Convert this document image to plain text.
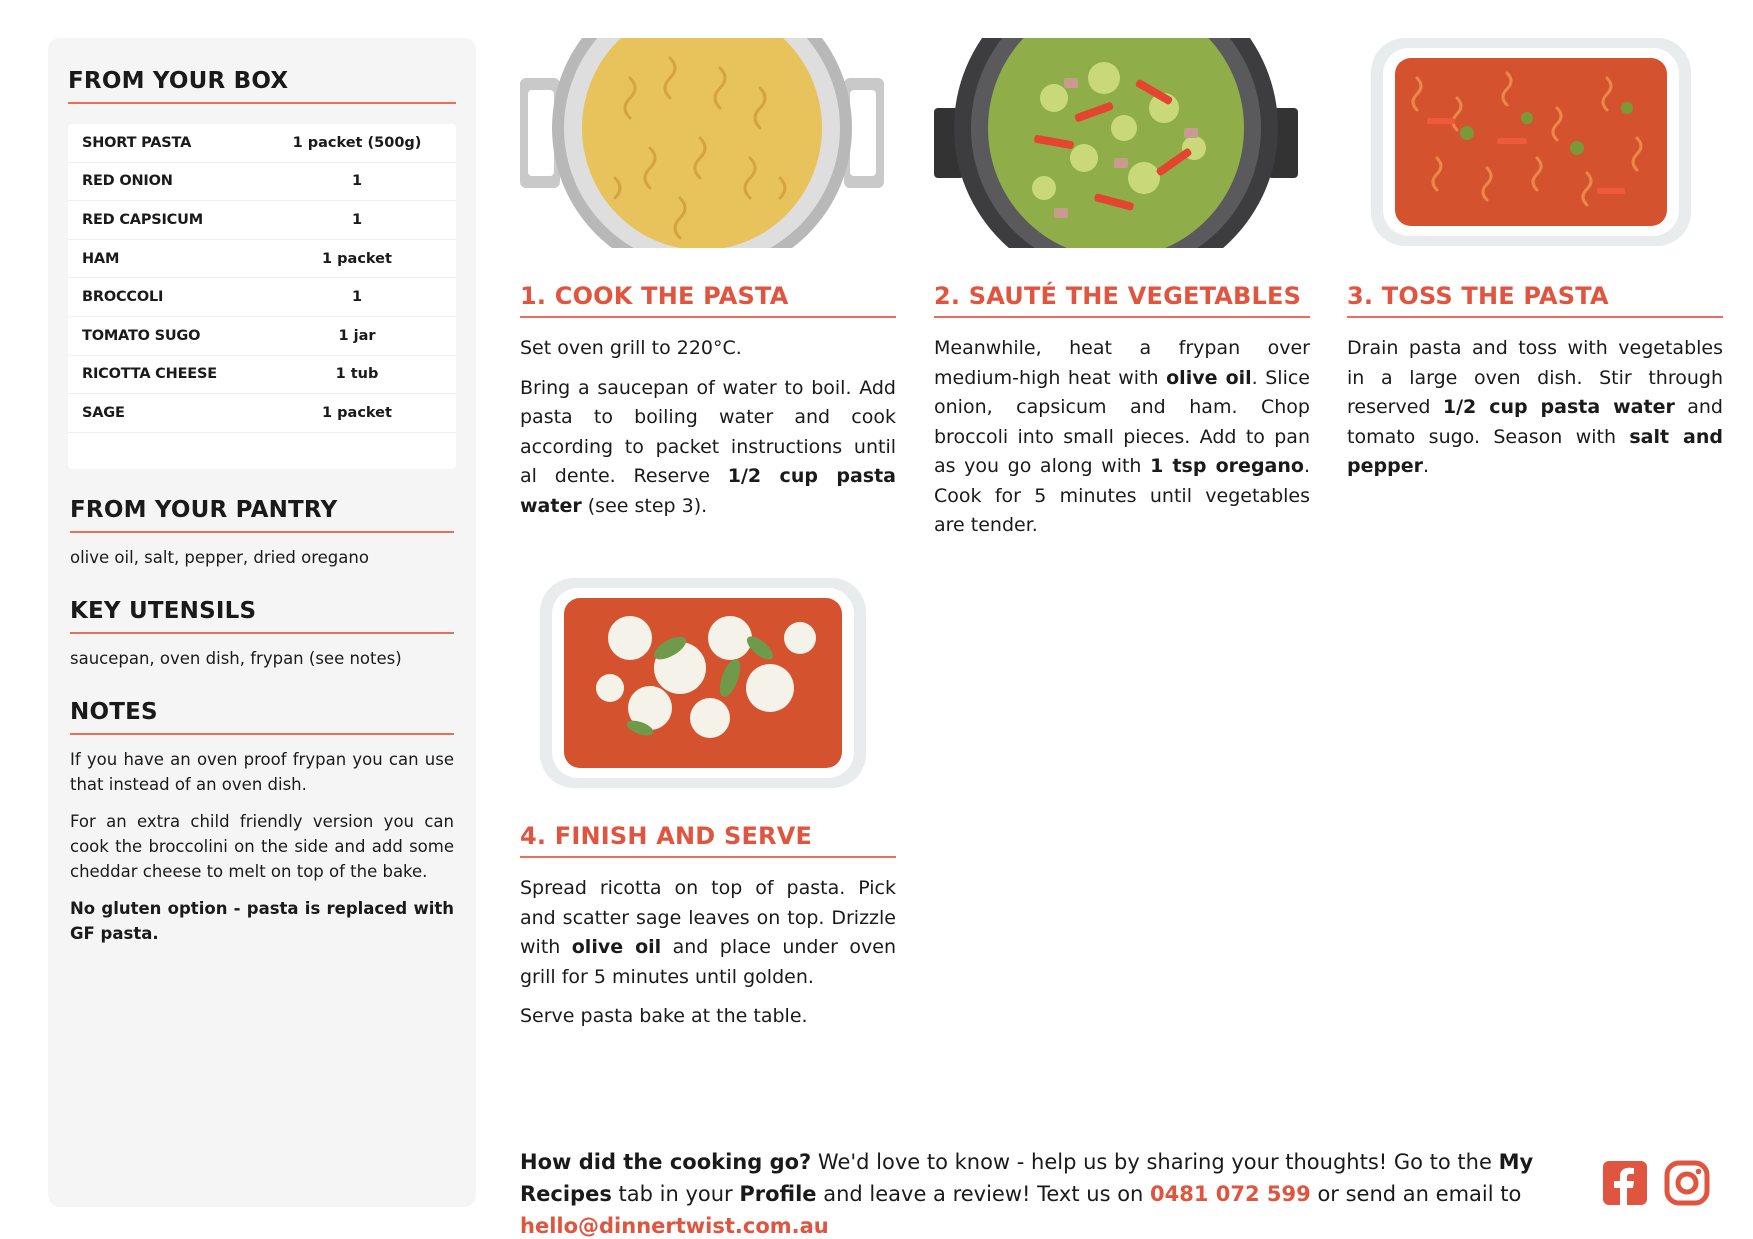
FROM YOUR BOX
SHORT PASTA	1 packet (500g)
RED ONION	1
RED CAPSICUM	1
HAM	1 packet
BROCCOLI	1
TOMATO SUGO	1 jar
RICOTTA CHEESE	1 tub
SAGE	1 packet
FROM YOUR PANTRY

olive oil, salt, pepper, dried oregano

KEY UTENSILS

saucepan, oven dish, frypan (see notes)

NOTES

If you have an oven proof frypan you can use that instead of an oven dish.

For an extra child friendly version you can cook the broccolini on the side and add some cheddar cheese to melt on top of the bake.

No gluten option - pasta is replaced with GF pasta.

1. COOK THE PASTA

Set oven grill to 220°C.

Bring a saucepan of water to boil. Add pasta to boiling water and cook according to packet instructions until al dente. Reserve 1/2 cup pasta water (see step 3).

2. SAUTÉ THE VEGETABLES

Meanwhile, heat a frypan over medium-high heat with olive oil. Slice onion, capsicum and ham. Chop broccoli into small pieces. Add to pan as you go along with 1 tsp oregano. Cook for 5 minutes until vegetables are tender.

3. TOSS THE PASTA

Drain pasta and toss with vegetables in a large oven dish. Stir through reserved 1/2 cup pasta water and tomato sugo. Season with salt and pepper.

4. FINISH AND SERVE

Spread ricotta on top of pasta. Pick and scatter sage leaves on top. Drizzle with olive oil and place under oven grill for 5 minutes until golden.

Serve pasta bake at the table.

How did the cooking go? We'd love to know - help us by sharing your thoughts! Go to the My Recipes tab in your Profile and leave a review! Text us on 0481 072 599 or send an email to hello@dinnertwist.com.au
